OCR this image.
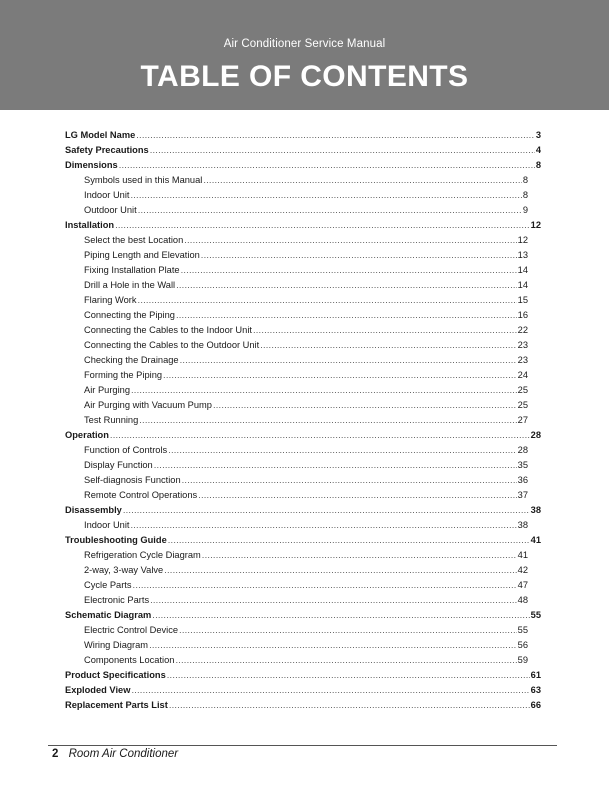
Air Conditioner Service Manual
TABLE OF CONTENTS
LG Model Name .....	3
Safety Precautions .....	4
Dimensions .....	8
Symbols used in this Manual .....	8
Indoor Unit .....	8
Outdoor Unit .....	9
Installation .....	12
Select the best Location .....	12
Piping Length and Elevation .....	13
Fixing Installation Plate .....	14
Drill a Hole in the Wall .....	14
Flaring Work .....	15
Connecting the Piping .....	16
Connecting the Cables to the Indoor Unit .....	22
Connecting the Cables to the Outdoor Unit .....	23
Checking the Drainage .....	23
Forming the Piping .....	24
Air Purging .....	25
Air Purging with Vacuum Pump .....	25
Test Running .....	27
Operation .....	28
Function of Controls .....	28
Display Function .....	35
Self-diagnosis Function .....	36
Remote Control Operations .....	37
Disassembly .....	38
Indoor Unit .....	38
Troubleshooting Guide .....	41
Refrigeration Cycle Diagram .....	41
2-way, 3-way Valve .....	42
Cycle Parts .....	47
Electronic Parts .....	48
Schematic Diagram .....	55
Electric Control Device .....	55
Wiring Diagram .....	56
Components Location .....	59
Product Specifications .....	61
Exploded View .....	63
Replacement Parts List .....	66
2 Room Air Conditioner
